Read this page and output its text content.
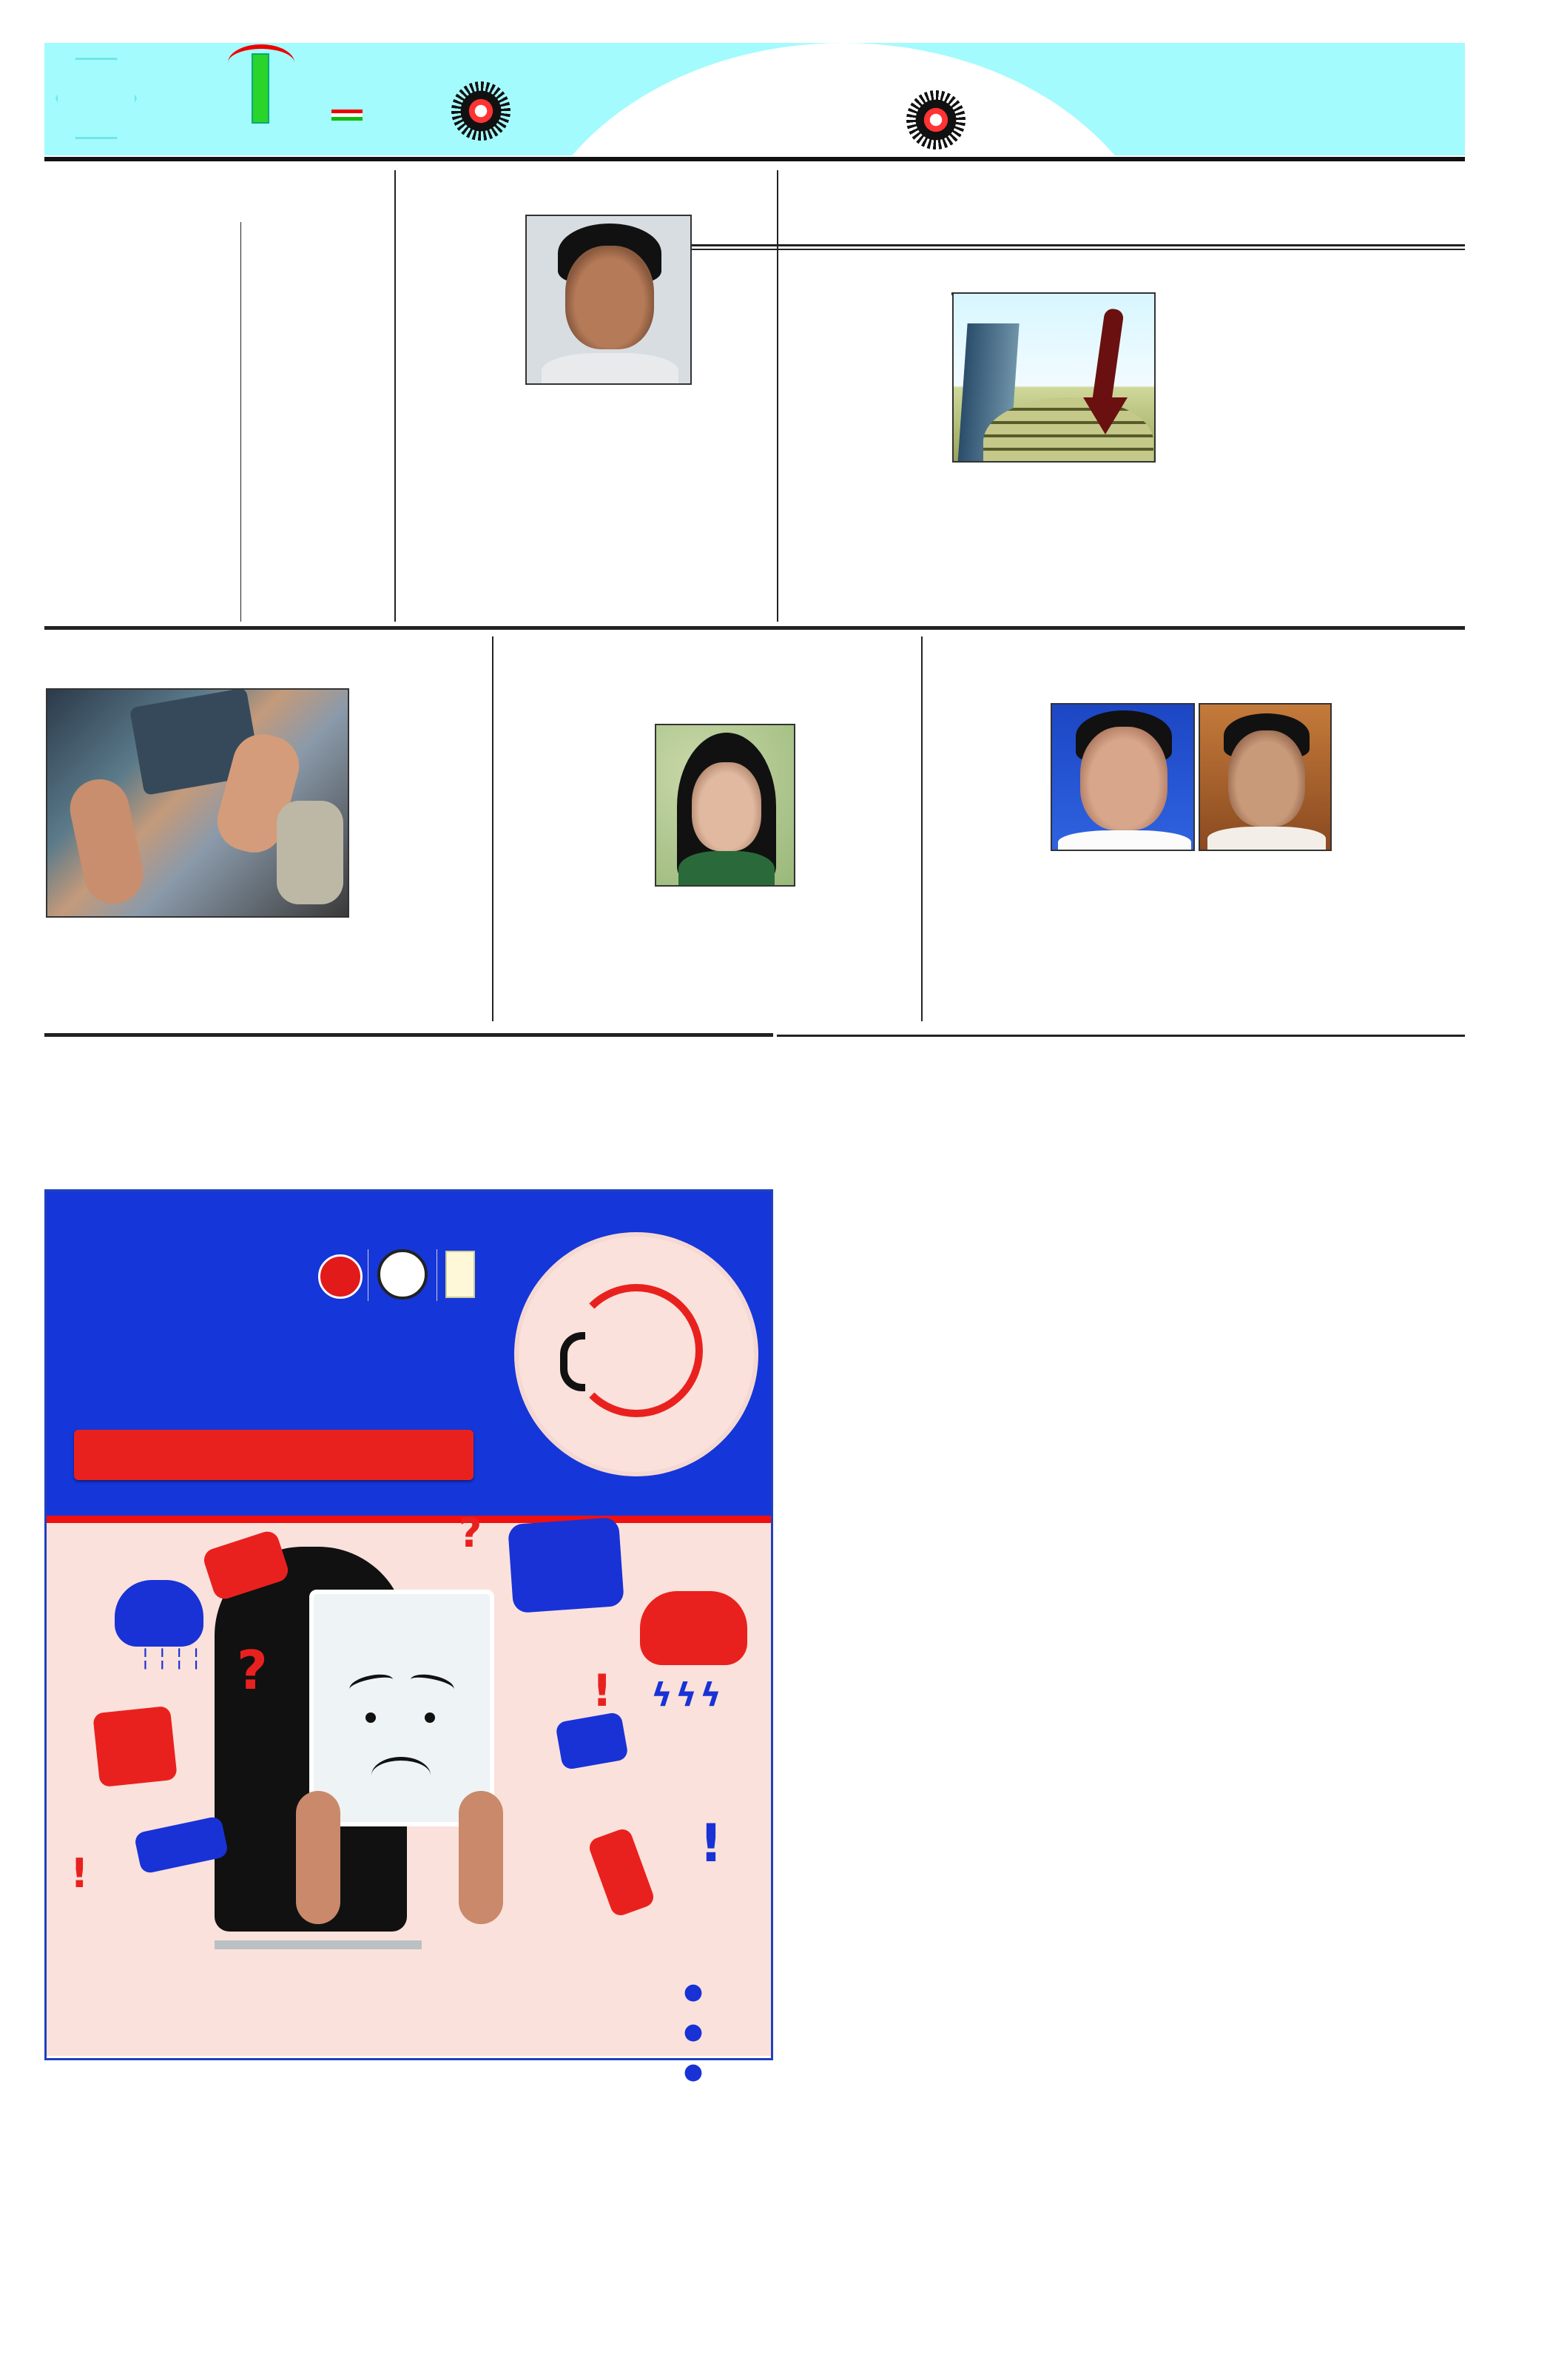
╎╎╎╎
ϟϟϟ
?
?
!
!	!
●
●
●
